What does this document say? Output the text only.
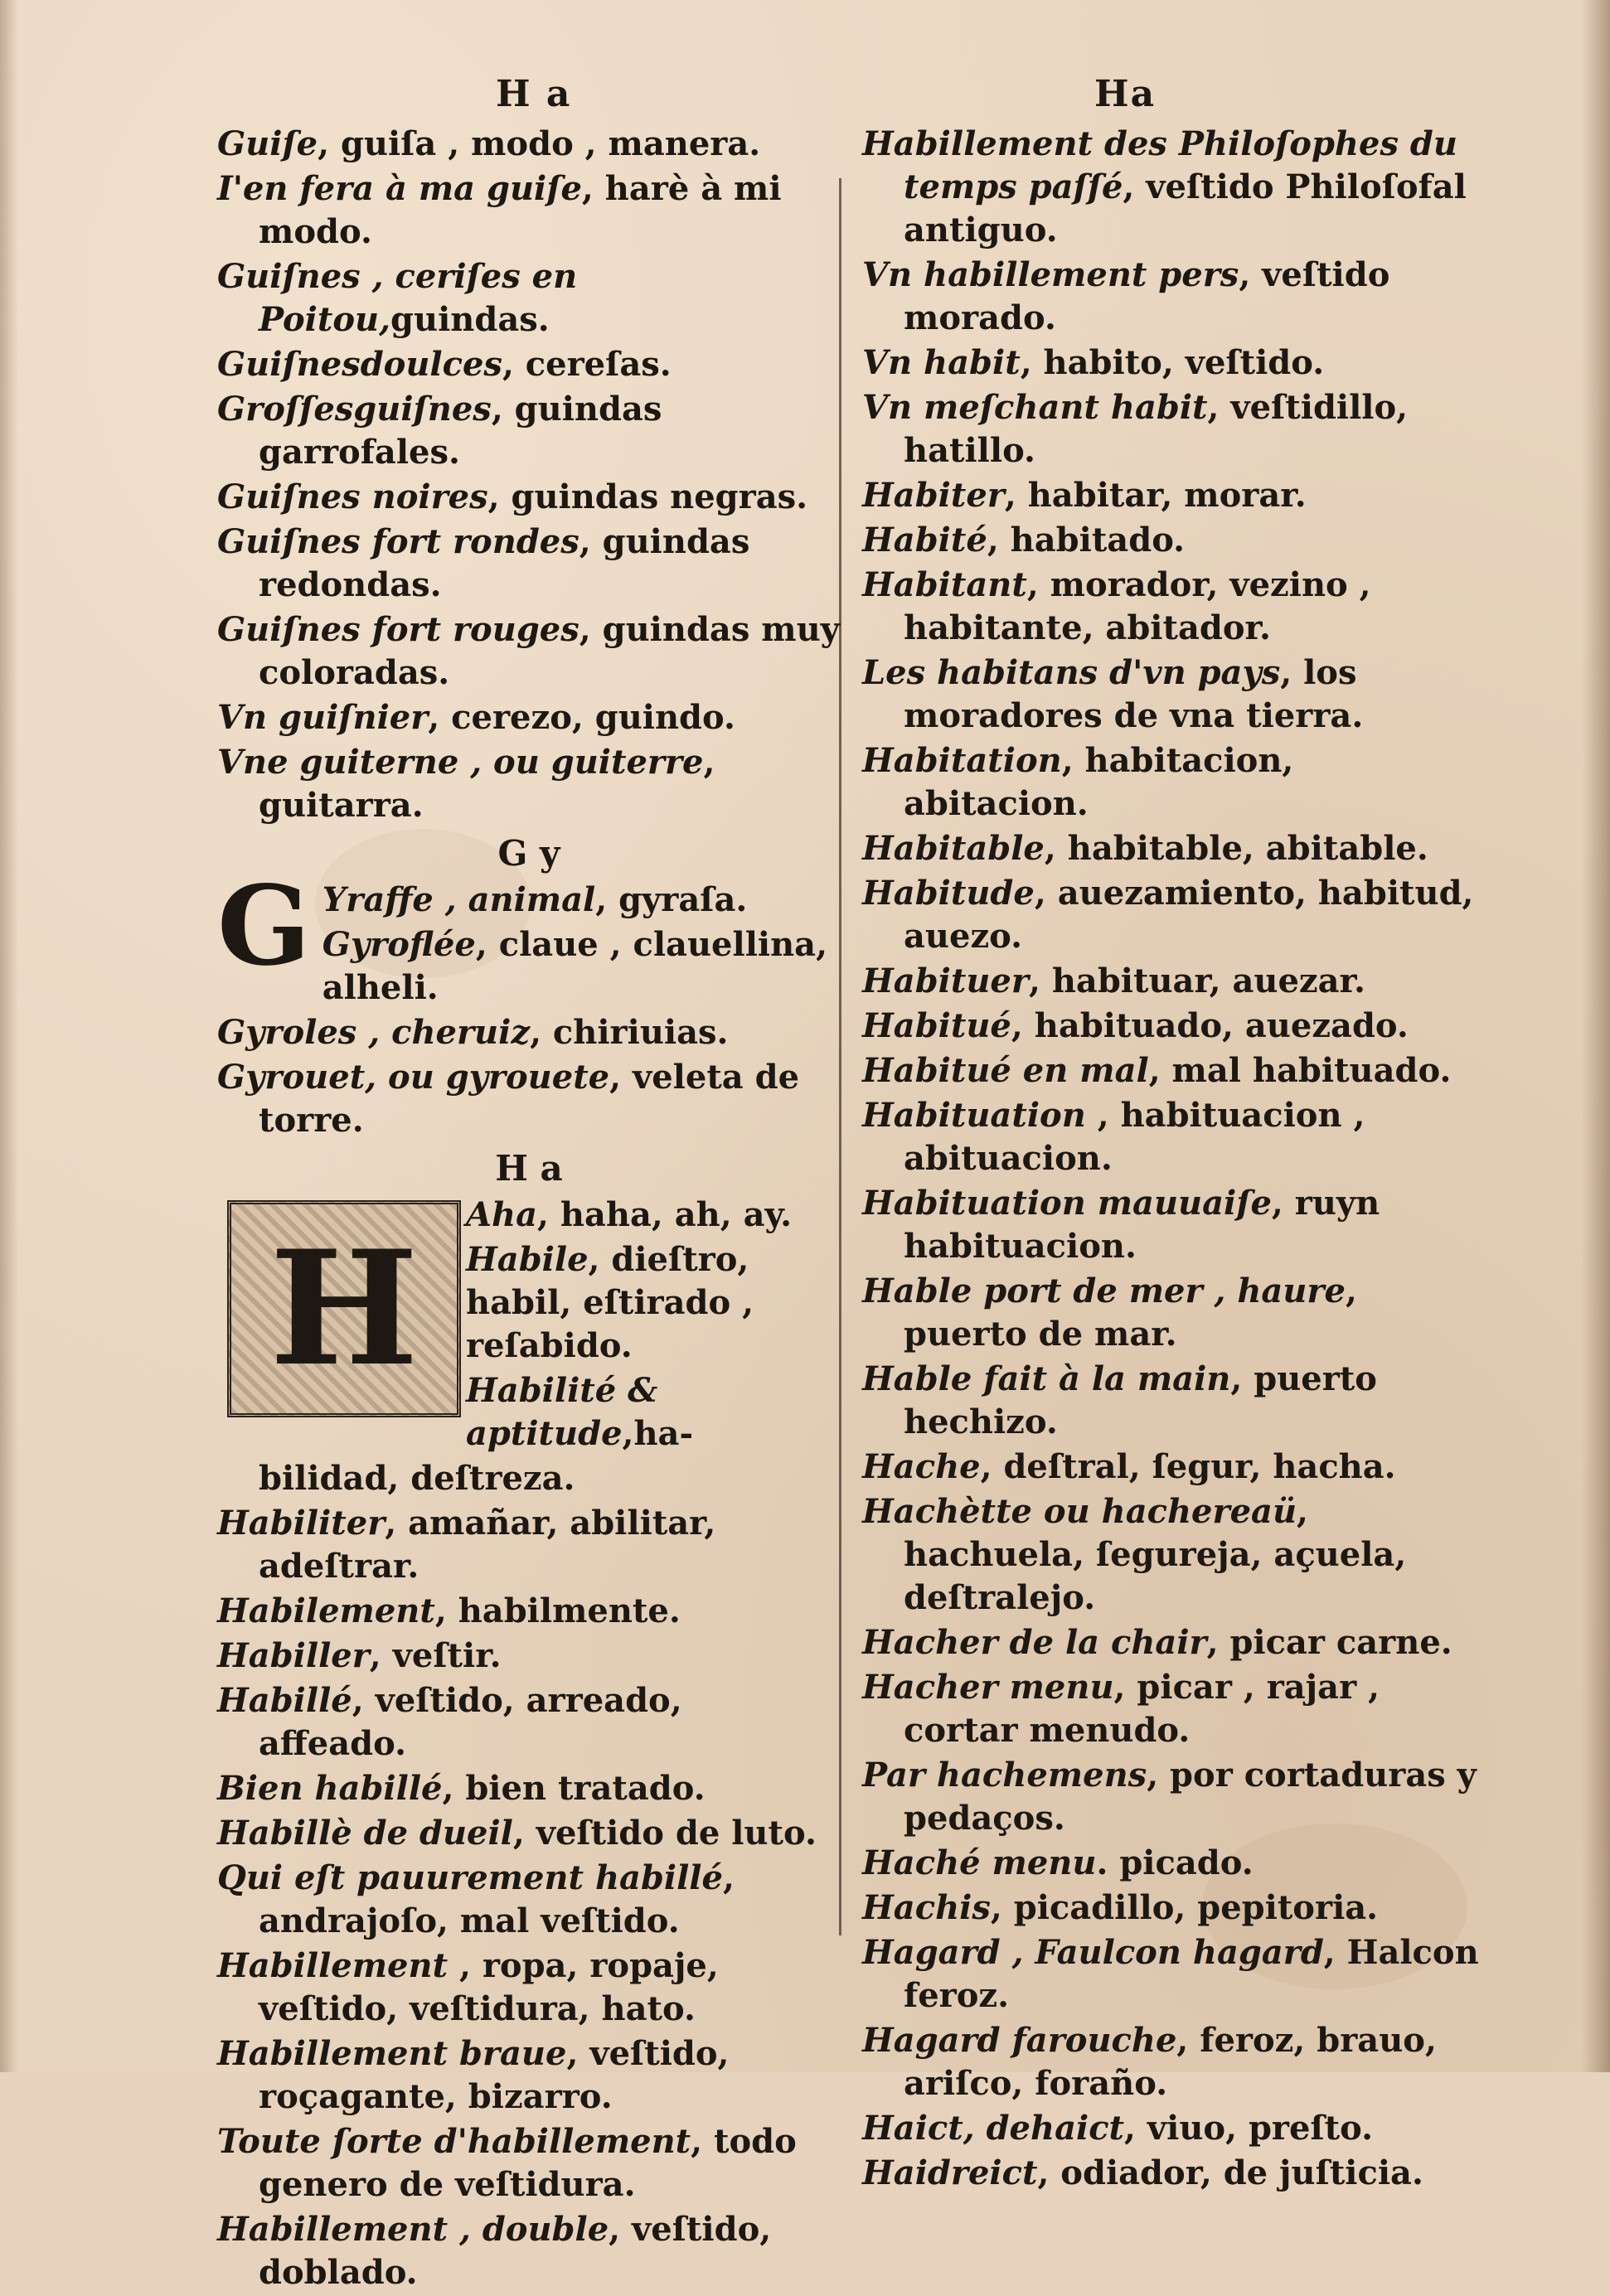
H a	Ha

Guiſe, guiſa , modo , manera.

I'en fera à ma guiſe, harè à mi modo.

Guiſnes , ceriſes en Poitou,guindas.

Guiſnesdoulces, cereſas.

Groſſesguiſnes, guindas garrofales.

Guiſnes noires, guindas negras.

Guiſnes fort rondes, guindas redondas.

Guiſnes fort rouges, guindas muy coloradas.

Vn guiſnier, cerezo, guindo.

Vne guiterne , ou guiterre, guitarra.

G y
G Yraffe , animal, gyraſa.

Gyroflée, claue , clauellina, alheli.

Gyroles , cheruiz, chiriuias.

Gyrouet, ou gyrouete, veleta de torre.

H a
H

Aha, haha, ah, ay.

Habile, dieſtro, habil, eſtirado , reſabido.

Habilité & aptitude,ha-

bilidad, deſtreza.

Habiliter, amañar, abilitar, adeſtrar.

Habilement, habilmente.

Habiller, veſtir.

Habillé, veſtido, arreado, affeado.

Bien habillé, bien tratado.

Habillè de dueil, veſtido de luto.

Qui eſt pauurement habillé, andrajoſo, mal veſtido.

Habillement , ropa, ropaje, veſtido, veſtidura, hato.

Habillement braue, veſtido, roçagante, bizarro.

Toute ſorte d'habillement, todo genero de veſtidura.

Habillement , double, veſtido, doblado.

Habillement des Philoſophes du temps paſſé, veſtido Philoſofal antiguo.

Vn habillement pers, veſtido morado.

Vn habit, habito, veſtido.

Vn meſchant habit, veſtidillo, hatillo.

Habiter, habitar, morar.

Habité, habitado.

Habitant, morador, vezino , habitante, abitador.

Les habitans d'vn pays, los moradores de vna tierra.

Habitation, habitacion, abitacion.

Habitable, habitable, abitable.

Habitude, auezamiento, habitud, auezo.

Habituer, habituar, auezar.

Habitué, habituado, auezado.

Habitué en mal, mal habituado.

Habituation , habituacion , abituacion.

Habituation mauuaiſe, ruyn habituacion.

Hable port de mer , haure, puerto de mar.

Hable fait à la main, puerto hechizo.

Hache, deſtral, ſegur, hacha.

Hachètte ou hachereaü, hachuela, ſegureja, açuela, deſtralejo.

Hacher de la chair, picar carne.

Hacher menu, picar , rajar , cortar menudo.

Par hachemens, por cortaduras y pedaços.

Haché menu. picado.

Hachis, picadillo, pepitoria.

Hagard , Faulcon hagard, Halcon feroz.

Hagard farouche, feroz, brauo, ariſco, foraño.

Haict, dehaict, viuo, preſto.

Haidreict, odiador, de juſticia.
